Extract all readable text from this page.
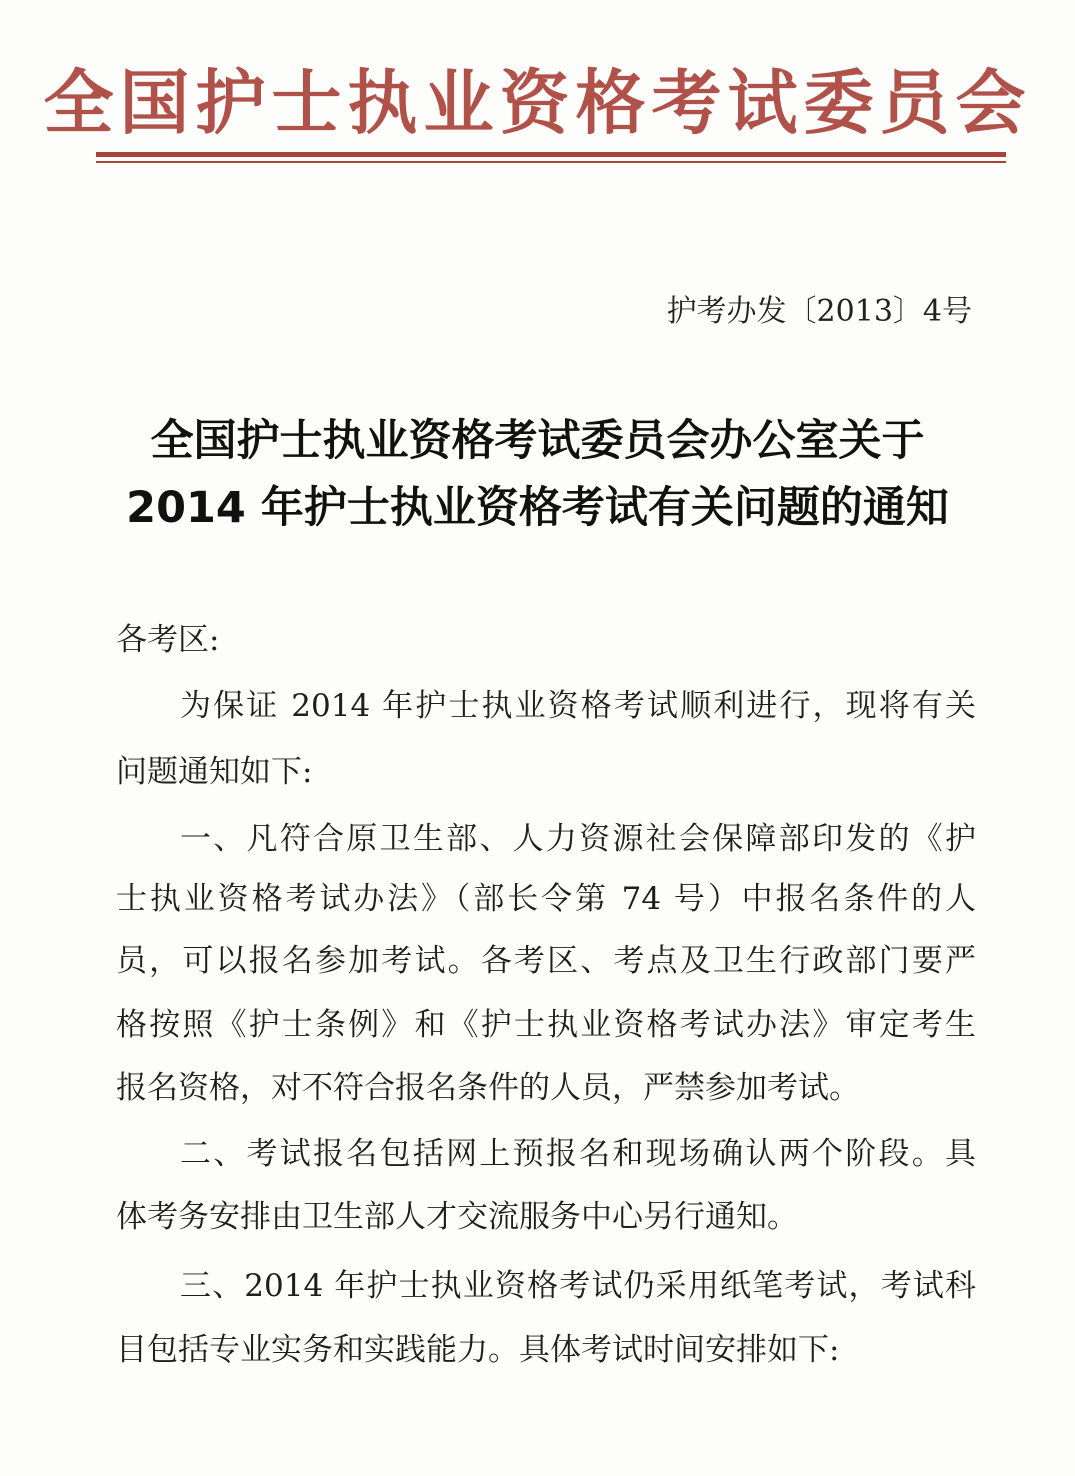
全国护士执业资格考试委员会
护考办发〔2013〕4号
全国护士执业资格考试委员会办公室关于
2014 年护士执业资格考试有关问题的通知
各考区:
为保证 2014 年护士执业资格考试顺利进行，现将有关
问题通知如下:
一、凡符合原卫生部、人力资源社会保障部印发的《护
士执业资格考试办法》（部长令第 74 号）中报名条件的人
员，可以报名参加考试。各考区、考点及卫生行政部门要严
格按照《护士条例》和《护士执业资格考试办法》审定考生
报名资格，对不符合报名条件的人员，严禁参加考试。
二、考试报名包括网上预报名和现场确认两个阶段。具
体考务安排由卫生部人才交流服务中心另行通知。
三、2014 年护士执业资格考试仍采用纸笔考试，考试科
目包括专业实务和实践能力。具体考试时间安排如下:
